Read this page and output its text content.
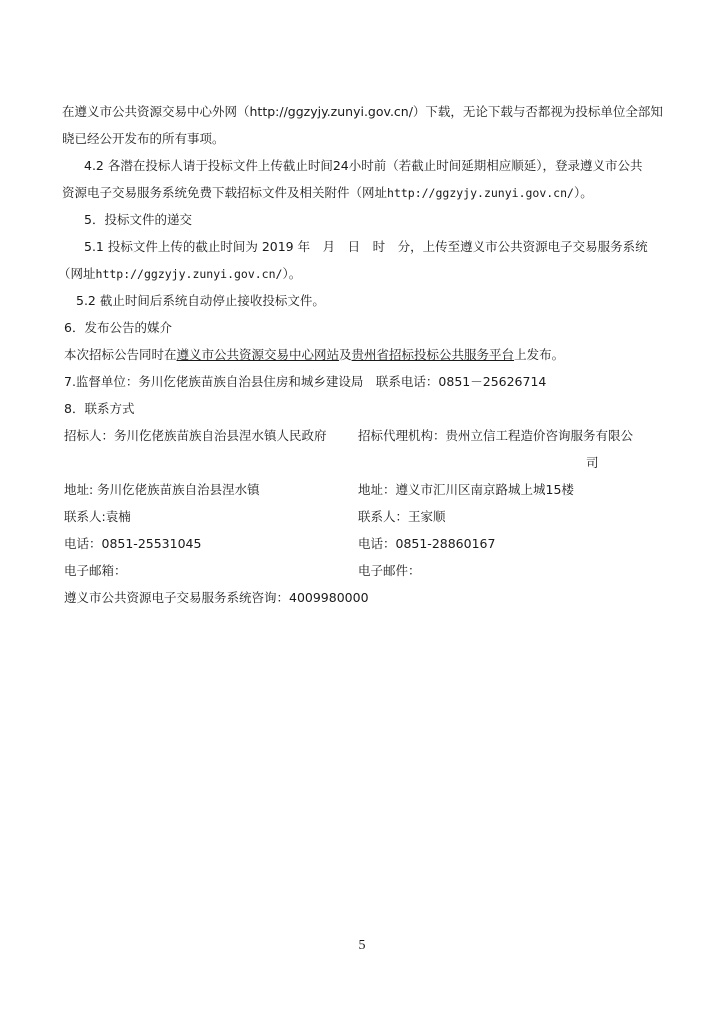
在遵义市公共资源交易中心外网（http://ggzyjy.zunyi.gov.cn/）下载，无论下载与否都视为投标单位全部知
晓已经公开发布的所有事项。
4.2 各潜在投标人请于投标文件上传截止时间24小时前（若截止时间延期相应顺延），登录遵义市公共
资源电子交易服务系统免费下载招标文件及相关附件（网址http://ggzyjy.zunyi.gov.cn/）。
5．投标文件的递交
5.1 投标文件上传的截止时间为 2019 年　月　日　时　分，上传至遵义市公共资源电子交易服务系统
（网址http://ggzyjy.zunyi.gov.cn/）。
5.2 截止时间后系统自动停止接收投标文件。
6．发布公告的媒介
本次招标公告同时在遵义市公共资源交易中心网站及贵州省招标投标公共服务平台上发布。
7.监督单位：务川仡佬族苗族自治县住房和城乡建设局　联系电话：0851－25626714
8．联系方式
招标人：务川仡佬族苗族自治县涅水镇人民政府	招标代理机构：贵州立信工程造价咨询服务有限公
司
地址: 务川仡佬族苗族自治县涅水镇	地址：遵义市汇川区南京路城上城15楼
联系人:袁楠	联系人：王家顺
电话：0851-25531045	电话：0851-28860167
电子邮箱：	电子邮件：
遵义市公共资源电子交易服务系统咨询：4009980000
5
